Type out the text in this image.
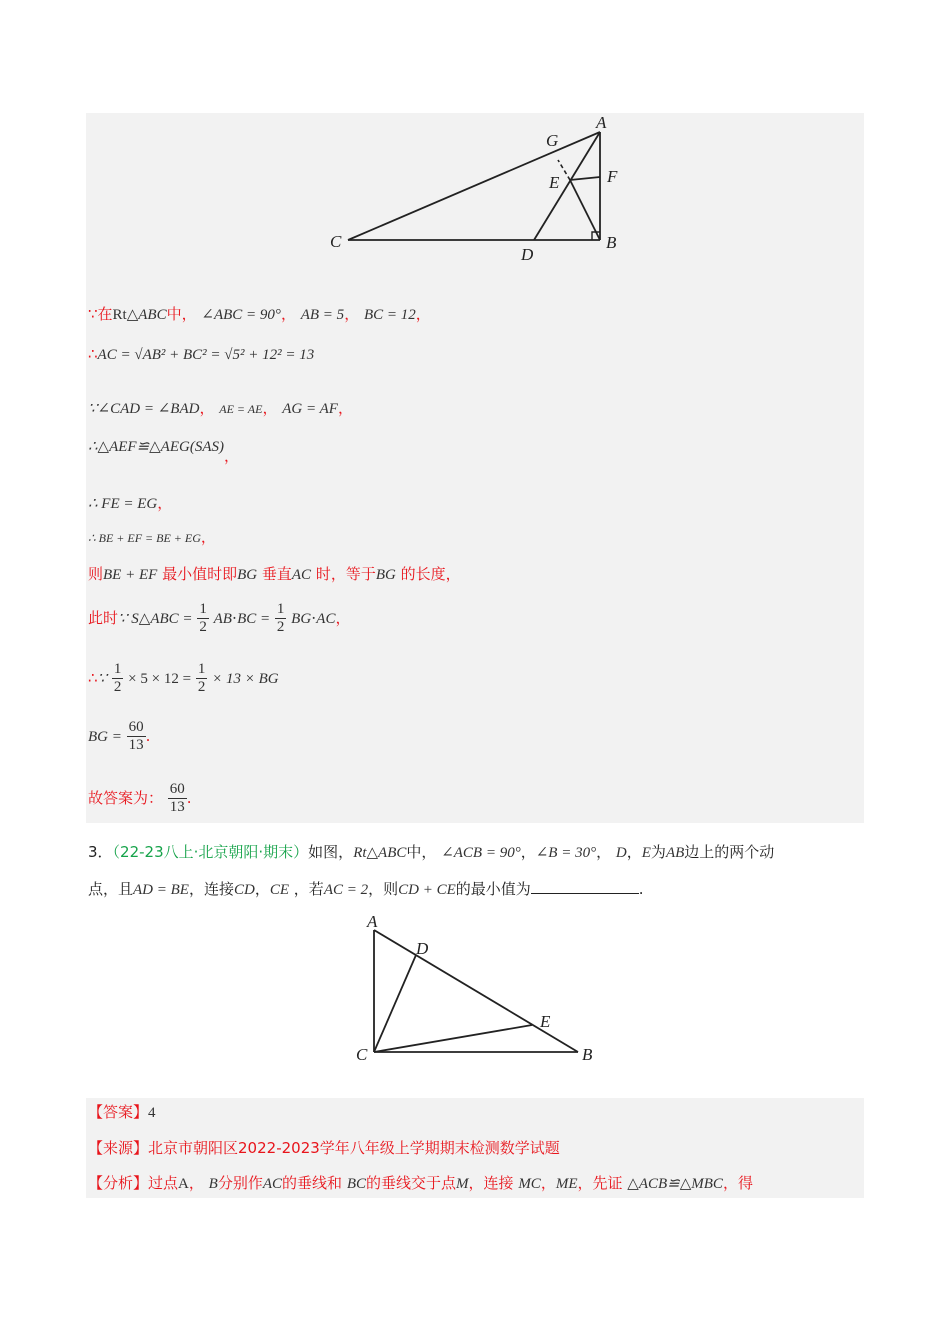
A
G
E	F
C
D
B
∵在Rt△ABC中， ∠ABC = 90°， AB = 5， BC = 12，
∴AC = √AB² + BC² = √5² + 12² = 13
∵∠CAD = ∠BAD， AE = AE， AG = AF，
∴△AEF≌△AEG(SAS)，
∴ FE = EG，
∴ BE + EF = BE + EG，
则BE + EF 最小值时即BG 垂直AC 时，等于BG 的长度，
此时∵ S△ABC = $\frac{1}{2} AB\cdot BC = \frac{1}{2} BG\cdot AC$，
∴∵ $\frac{1}{2} \times 5 \times 12 = \frac{1}{2} \times 13$ × BG
BG = $\frac{60}{13}$ .
故答案为： $\frac{60}{13}$ .
3．（22-23八上·北京朝阳·期末）如图，Rt△ABC中， ∠ACB = 90°，∠B = 30°， D，E为AB边上的两个动
点，且AD = BE，连接CD，CE ，若AC = 2，则CD + CE的最小值为	.
A
D
E
C	B
【答案】4
【来源】北京市朝阳区2022-2023学年八年级上学期期末检测数学试题
【分析】过点A， B分别作AC的垂线和 BC的垂线交于点M，连接 MC，ME，先证 △ACB≌△MBC，得
